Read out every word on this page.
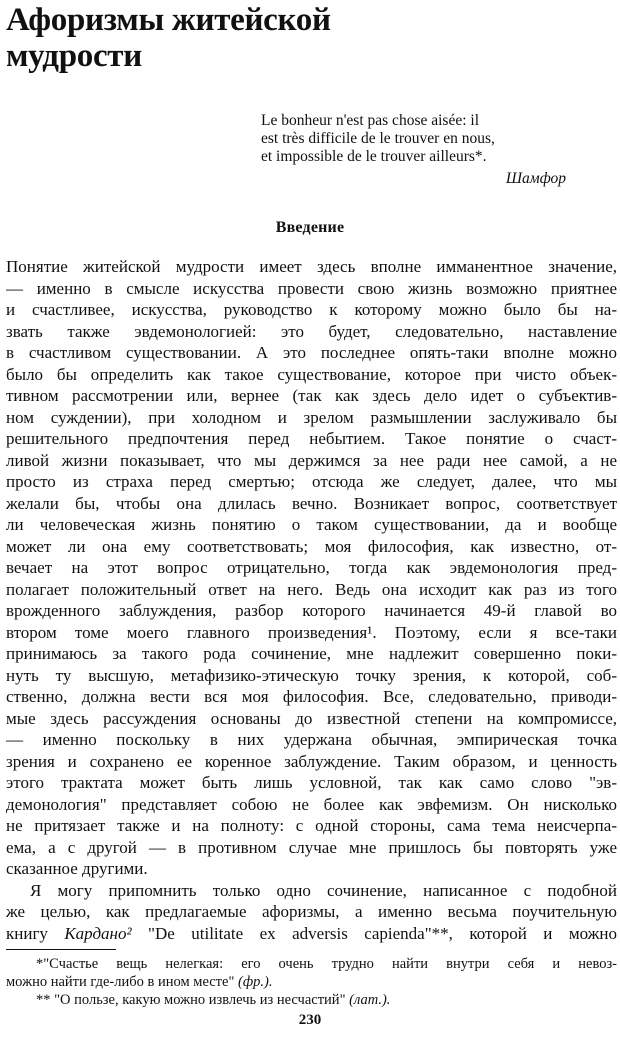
Афоризмы житейской мудрости
Le bonheur n'est pas chose aisée: il
est très difficile de le trouver en nous,
et impossible de le trouver ailleurs*.
Шамфор
Введение
Понятие житейской мудрости имеет здесь вполне имманентное значение,
— именно в смысле искусства провести свою жизнь возможно приятнее
и счастливее, искусства, руководство к которому можно было бы на-
звать также эвдемонологией: это будет, следовательно, наставление
в счастливом существовании. А это последнее опять-таки вполне можно
было бы определить как такое существование, которое при чисто объек-
тивном рассмотрении или, вернее (так как здесь дело идет о субъектив-
ном суждении), при холодном и зрелом размышлении заслуживало бы
решительного предпочтения перед небытием. Такое понятие о счаст-
ливой жизни показывает, что мы держимся за нее ради нее самой, а не
просто из страха перед смертью; отсюда же следует, далее, что мы
желали бы, чтобы она длилась вечно. Возникает вопрос, соответствует
ли человеческая жизнь понятию о таком существовании, да и вообще
может ли она ему соответствовать; моя философия, как известно, от-
вечает на этот вопрос отрицательно, тогда как эвдемонология пред-
полагает положительный ответ на него. Ведь она исходит как раз из того
врожденного заблуждения, разбор которого начинается 49-й главой во
втором томе моего главного произведения¹. Поэтому, если я все-таки
принимаюсь за такого рода сочинение, мне надлежит совершенно поки-
нуть ту высшую, метафизико-этическую точку зрения, к которой, соб-
ственно, должна вести вся моя философия. Все, следовательно, приводи-
мые здесь рассуждения основаны до известной степени на компромиссе,
— именно поскольку в них удержана обычная, эмпирическая точка
зрения и сохранено ее коренное заблуждение. Таким образом, и ценность
этого трактата может быть лишь условной, так как само слово "эв-
демонология" представляет собою не более как эвфемизм. Он нисколько
не притязает также и на полноту: с одной стороны, сама тема неисчерпа-
ема, а с другой — в противном случае мне пришлось бы повторять уже
сказанное другими.
Я могу припомнить только одно сочинение, написанное с подобной
же целью, как предлагаемые афоризмы, а именно весьма поучительную
книгу Кардано² "De utilitate ex adversis capienda"**, которой и можно
*"Счастье вещь нелегкая: его очень трудно найти внутри себя и невоз-
можно найти где-либо в ином месте" (фр.).
** "О пользе, какую можно извлечь из несчастий" (лат.).
230
